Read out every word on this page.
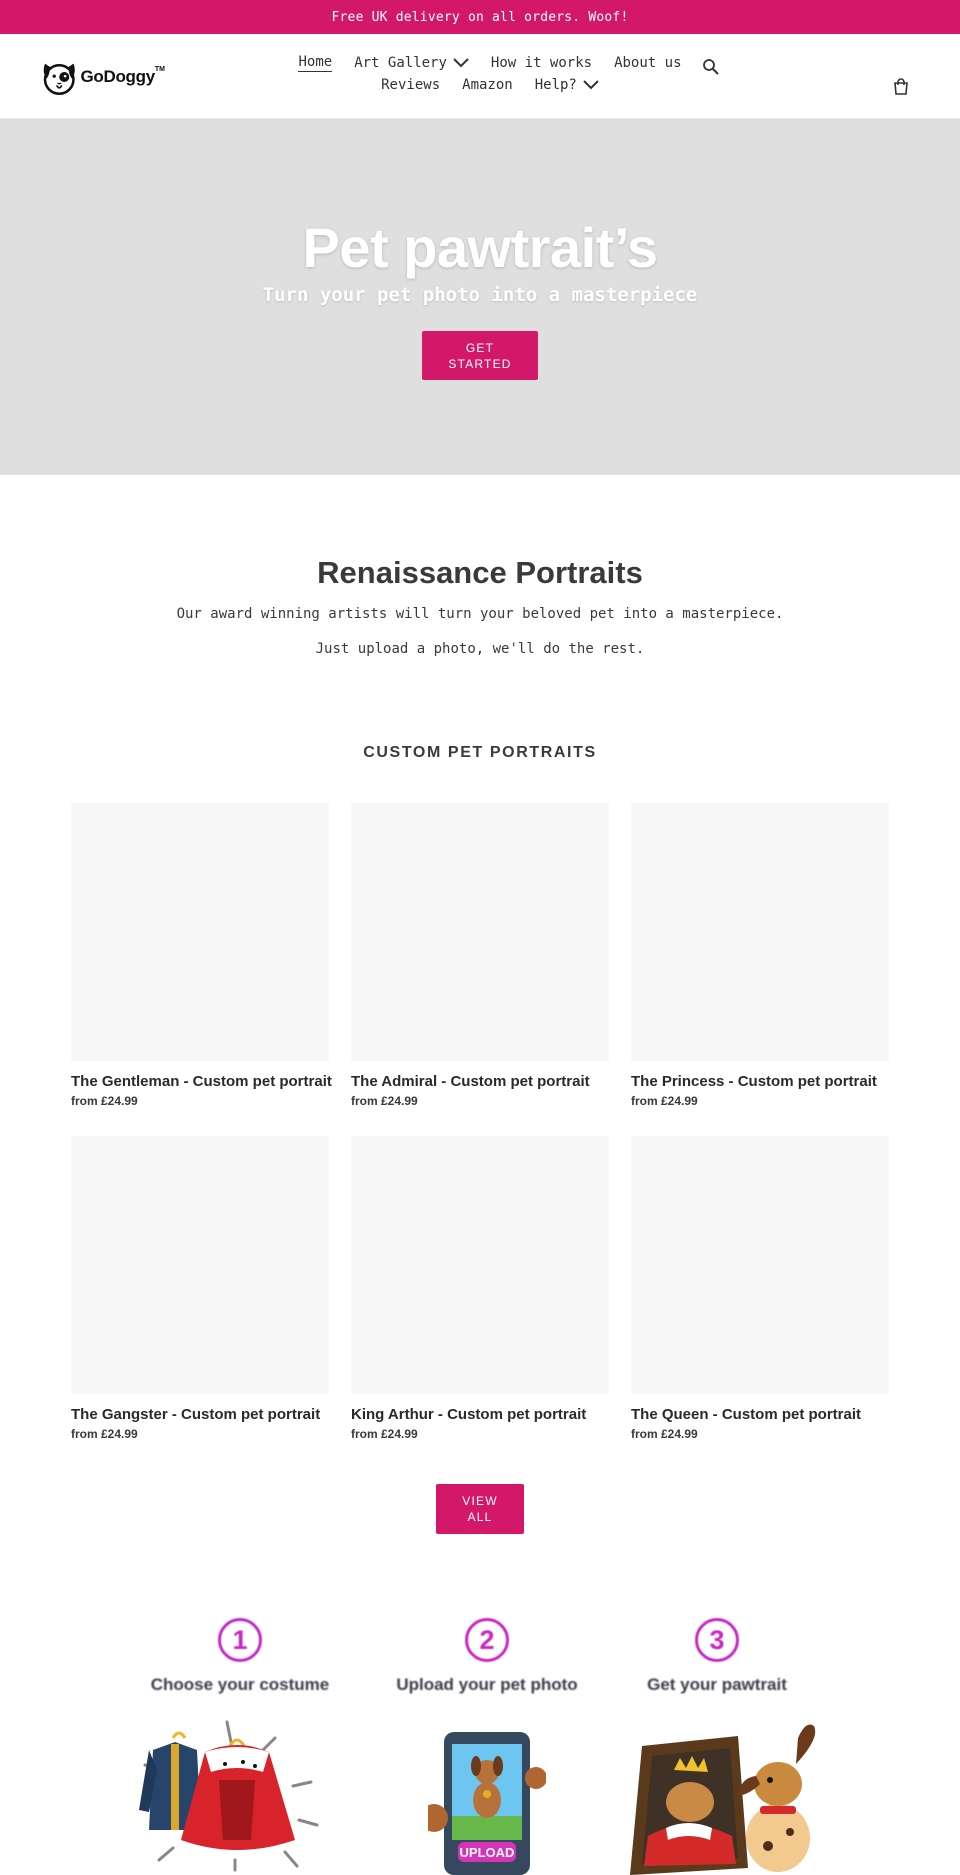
Free UK delivery on all orders. Woof!
GoDoggy TM	Home Art Gallery	How it works About us
Reviews Amazon Help?
Pet pawtrait’s
Turn your pet photo into a masterpiece
GET STARTED
Renaissance Portraits
Our award winning artists will turn your beloved pet into a masterpiece.
Just upload a photo, we'll do the rest.
CUSTOM PET PORTRAITS
The Gentleman - Custom pet portrait
from £24.99
The Admiral - Custom pet portrait
from £24.99
The Princess - Custom pet portrait
from £24.99
The Gangster - Custom pet portrait
from £24.99
King Arthur - Custom pet portrait
from £24.99
The Queen - Custom pet portrait
from £24.99
VIEW ALL
1
Choose your costume
2
Upload your pet photo
3
Get your pawtrait
UPLOAD
